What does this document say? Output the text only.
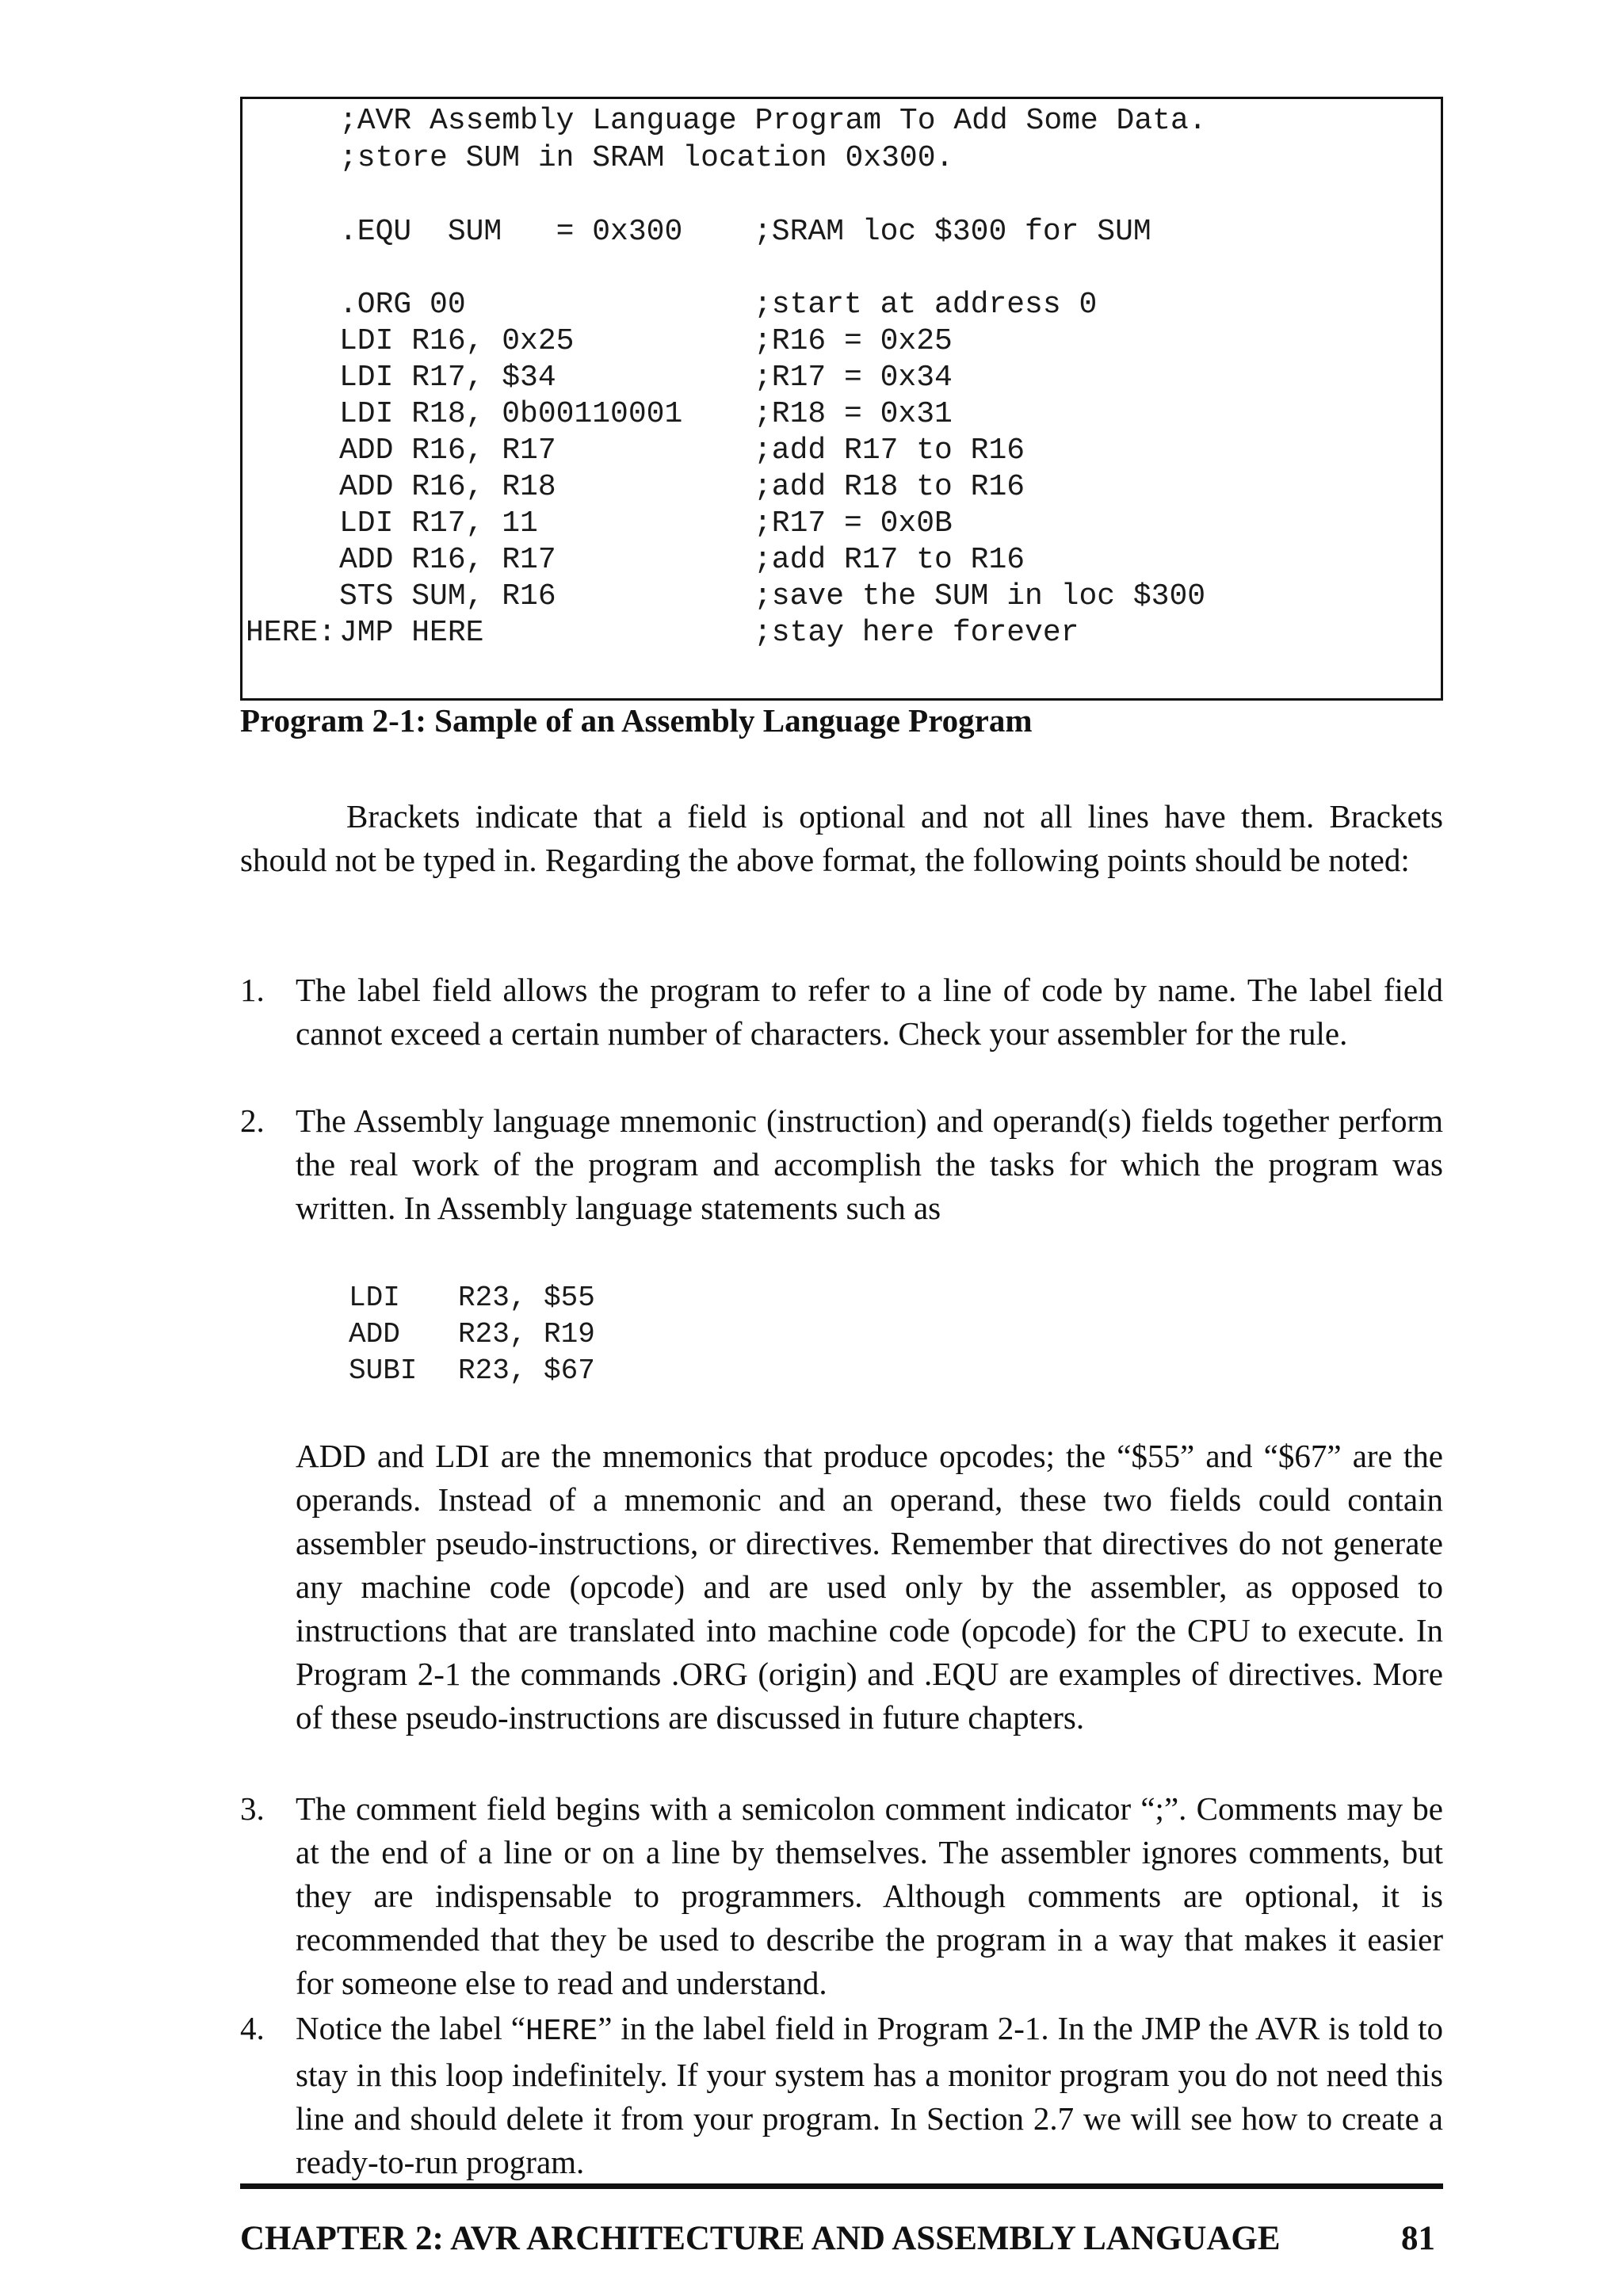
;AVR Assembly Language Program To Add Some Data.
;store SUM in SRAM location 0x300.
.EQU  SUM   = 0x300 ;SRAM loc $300 for SUM
.ORG 00	;start at address 0
LDI R16, 0x25	;R16 = 0x25
LDI R17, $34	;R17 = 0x34
LDI R18, 0b00110001 ;R18 = 0x31
ADD R16, R17	;add R17 to R16
ADD R16, R18	;add R18 to R16
LDI R17, 11	;R17 = 0x0B
ADD R16, R17	;add R17 to R16
STS SUM, R16	;save the SUM in loc $300
HERE: JMP HERE	;stay here forever
Program 2-1: Sample of an Assembly Language Program
Brackets indicate that a field is optional and not all lines have them. Brackets should not be typed in. Regarding the above format, the following points should be noted:
1. The label field allows the program to refer to a line of code by name. The label field cannot exceed a certain number of characters. Check your assembler for the rule.
2. The Assembly language mnemonic (instruction) and operand(s) fields together perform the real work of the program and accomplish the tasks for which the program was written. In Assembly language statements such as
LDI R23, $55
ADD R23, R19
SUBI R23, $67
ADD and LDI are the mnemonics that produce opcodes; the “$55” and “$67” are the operands. Instead of a mnemonic and an operand, these two fields could contain assembler pseudo-instructions, or directives. Remember that directives do not generate any machine code (opcode) and are used only by the assembler, as opposed to instructions that are translated into machine code (opcode) for the CPU to execute. In Program 2-1 the commands .ORG (origin) and .EQU are examples of directives. More of these pseudo-instructions are discussed in future chapters.
3. The comment field begins with a semicolon comment indicator “;”. Comments may be at the end of a line or on a line by themselves. The assembler ignores comments, but they are indispensable to programmers. Although comments are optional, it is recommended that they be used to describe the program in a way that makes it easier for someone else to read and understand.
4. Notice the label “HERE” in the label field in Program 2-1. In the JMP the AVR is told to stay in this loop indefinitely. If your system has a monitor program you do not need this line and should delete it from your program. In Section 2.7 we will see how to create a ready-to-run program.
CHAPTER 2: AVR ARCHITECTURE AND ASSEMBLY LANGUAGE	81
